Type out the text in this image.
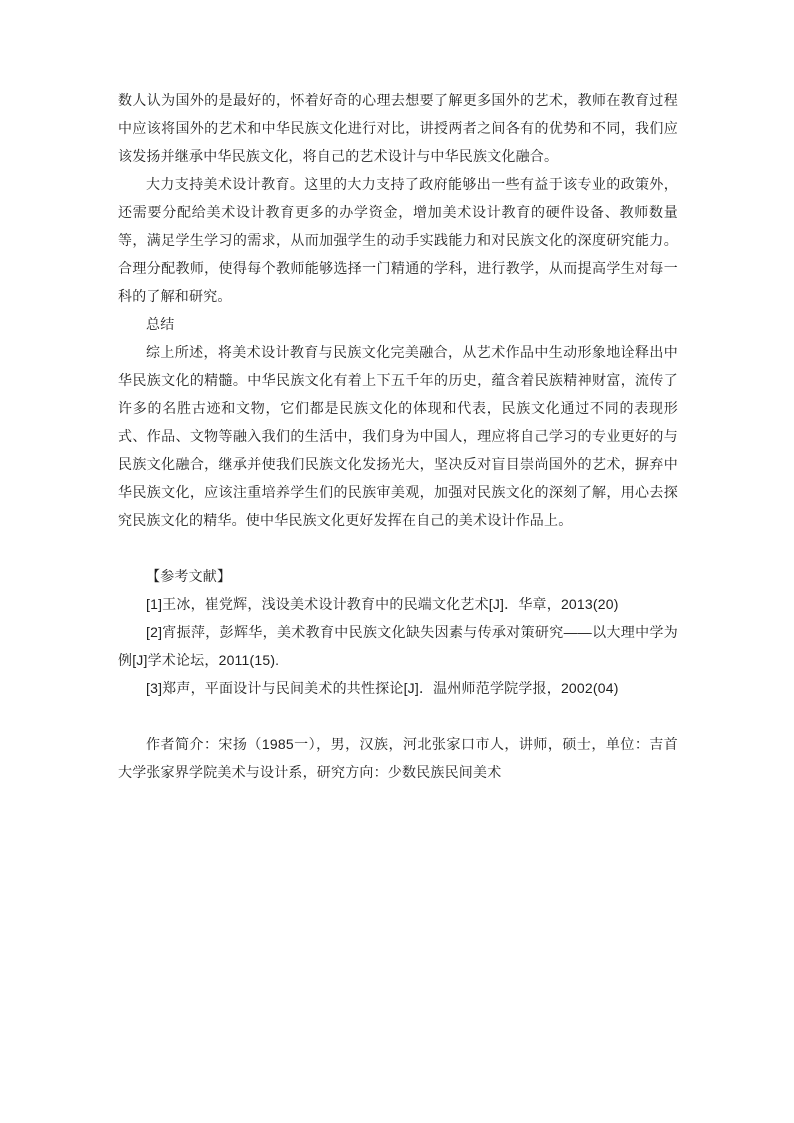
数人认为国外的是最好的，怀着好奇的心理去想要了解更多国外的艺术，教师在教育过程中应该将国外的艺术和中华民族文化进行对比，讲授两者之间各有的优势和不同，我们应该发扬并继承中华民族文化，将自己的艺术设计与中华民族文化融合。

大力支持美术设计教育。这里的大力支持了政府能够出一些有益于该专业的政策外，还需要分配给美术设计教育更多的办学资金，增加美术设计教育的硬件设备、教师数量等，满足学生学习的需求，从而加强学生的动手实践能力和对民族文化的深度研究能力。合理分配教师，使得每个教师能够选择一门精通的学科，进行教学，从而提高学生对每一科的了解和研究。

总结

综上所述，将美术设计教育与民族文化完美融合，从艺术作品中生动形象地诠释出中华民族文化的精髓。中华民族文化有着上下五千年的历史，蕴含着民族精神财富，流传了许多的名胜古迹和文物，它们都是民族文化的体现和代表，民族文化通过不同的表现形式、作品、文物等融入我们的生活中，我们身为中国人，理应将自己学习的专业更好的与民族文化融合，继承并使我们民族文化发扬光大，坚决反对盲目崇尚国外的艺术，摒弃中华民族文化，应该注重培养学生们的民族审美观，加强对民族文化的深刻了解，用心去探究民族文化的精华。使中华民族文化更好发挥在自己的美术设计作品上。

【参考文献】

[1]王冰，崔党辉，浅设美术设计教育中的民端文化艺术[J]．华章，2013(20)

[2]宵振萍，彭辉华，美术教育中民族文化缺失因素与传承对策研究——以大理中学为例[J]学术论坛，2011(15).

[3]郑声，平面设计与民间美术的共性探论[J]．温州师范学院学报，2002(04)

作者简介：宋扬（1985一），男，汉族，河北张家口市人，讲师，硕士，单位：吉首大学张家界学院美术与设计系，研究方向：少数民族民间美术
